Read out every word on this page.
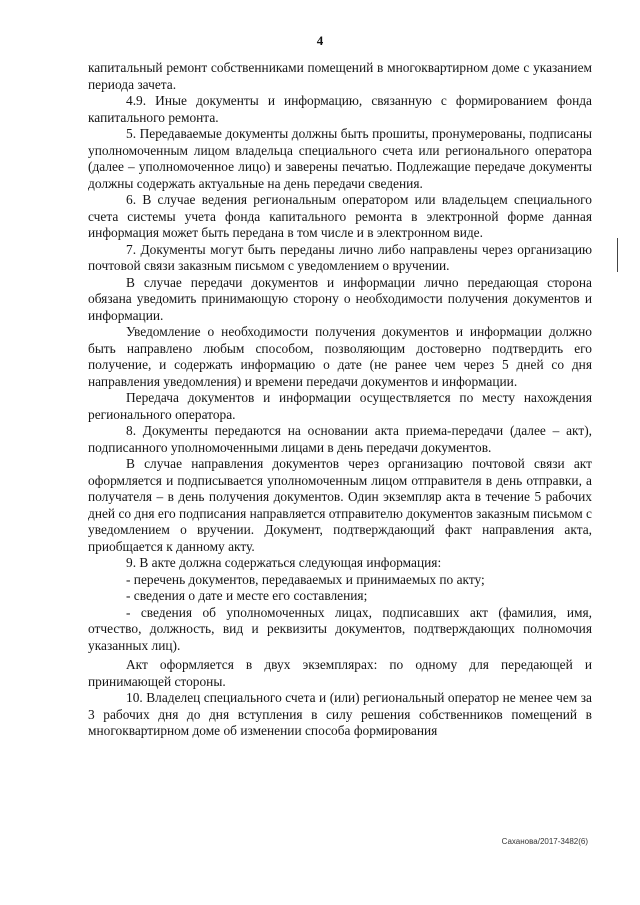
4

капитальный ремонт собственниками помещений в многоквартирном доме с указанием периода зачета.

4.9. Иные документы и информацию, связанную с формированием фонда капитального ремонта.

5. Передаваемые документы должны быть прошиты, пронумерованы, подписаны уполномоченным лицом владельца специального счета или регионального оператора (далее – уполномоченное лицо) и заверены печатью. Подлежащие передаче документы должны содержать актуальные на день передачи сведения.

6. В случае ведения региональным оператором или владельцем специального счета системы учета фонда капитального ремонта в электронной форме данная информация может быть передана в том числе и в электронном виде.

7. Документы могут быть переданы лично либо направлены через организацию почтовой связи заказным письмом с уведомлением о вручении.

В случае передачи документов и информации лично передающая сторона обязана уведомить принимающую сторону о необходимости получения документов и информации.

Уведомление о необходимости получения документов и информации должно быть направлено любым способом, позволяющим достоверно подтвердить его получение, и содержать информацию о дате (не ранее чем через 5 дней со дня направления уведомления) и времени передачи документов и информации.

Передача документов и информации осуществляется по месту нахождения регионального оператора.

8. Документы передаются на основании акта приема-передачи (далее – акт), подписанного уполномоченными лицами в день передачи документов.

В случае направления документов через организацию почтовой связи акт оформляется и подписывается уполномоченным лицом отправителя в день отправки, а получателя – в день получения документов. Один экземпляр акта в течение 5 рабочих дней со дня его подписания направляется отправителю документов заказным письмом с уведомлением о вручении. Документ, подтверждающий факт направления акта, приобщается к данному акту.

9. В акте должна содержаться следующая информация:

- перечень документов, передаваемых и принимаемых по акту;

- сведения о дате и месте его составления;

- сведения об уполномоченных лицах, подписавших акт (фамилия, имя, отчество, должность, вид и реквизиты документов, подтверждающих полномочия указанных лиц).

Акт оформляется в двух экземплярах: по одному для передающей и принимающей стороны.

10. Владелец специального счета и (или) региональный оператор не менее чем за 3 рабочих дня до дня вступления в силу решения собственников помещений в многоквартирном доме об изменении способа формирования

Саханова/2017-3482(6)
